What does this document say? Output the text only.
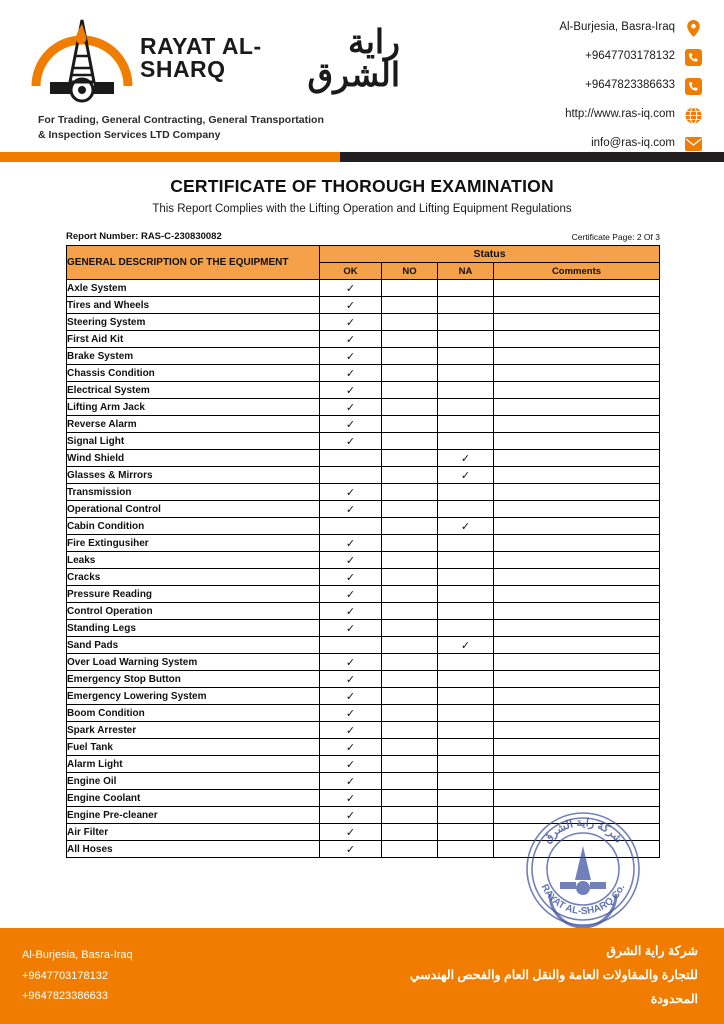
RAYAT AL-SHARQ
راية الشرق
For Trading, General Contracting, General Transportation
& Inspection Services LTD Company
Al-Burjesia, Basra-Iraq
+9647703178132
+9647823386633
http://www.ras-iq.com
info@ras-iq.com
CERTIFICATE OF THOROUGH EXAMINATION
This Report Complies with the Lifting Operation and Lifting Equipment Regulations
Report Number: RAS-C-230830082	Certificate Page: 2 Of 3
GENERAL DESCRIPTION OF THE EQUIPMENT	Status			
	OK	NO	NA	Comments
Axle System	✓			
Tires and Wheels	✓			
Steering System	✓			
First Aid Kit	✓			
Brake System	✓			
Chassis Condition	✓			
Electrical System	✓			
Lifting Arm Jack	✓			
Reverse Alarm	✓			
Signal Light	✓			
Wind Shield			✓	
Glasses & Mirrors			✓	
Transmission	✓			
Operational Control	✓			
Cabin Condition			✓	
Fire Extingusiher	✓			
Leaks	✓			
Cracks	✓			
Pressure Reading	✓			
Control Operation	✓			
Standing Legs	✓			
Sand Pads			✓	
Over Load Warning System	✓			
Emergency Stop Button	✓			
Emergency Lowering System	✓			
Boom Condition	✓			
Spark Arrester	✓			
Fuel Tank	✓			
Alarm Light	✓			
Engine Oil	✓			
Engine Coolant	✓			
Engine Pre-cleaner	✓			
Air Filter	✓			
All Hoses	✓			
شركة راية الشرق
RAYAT AL-SHARQ Co.
Al-Burjesia, Basra-Iraq
+9647703178132
+9647823386633
شركة راية الشرق
للتجارة والمقاولات العامة والنقل العام والفحص الهندسي المحدودة
